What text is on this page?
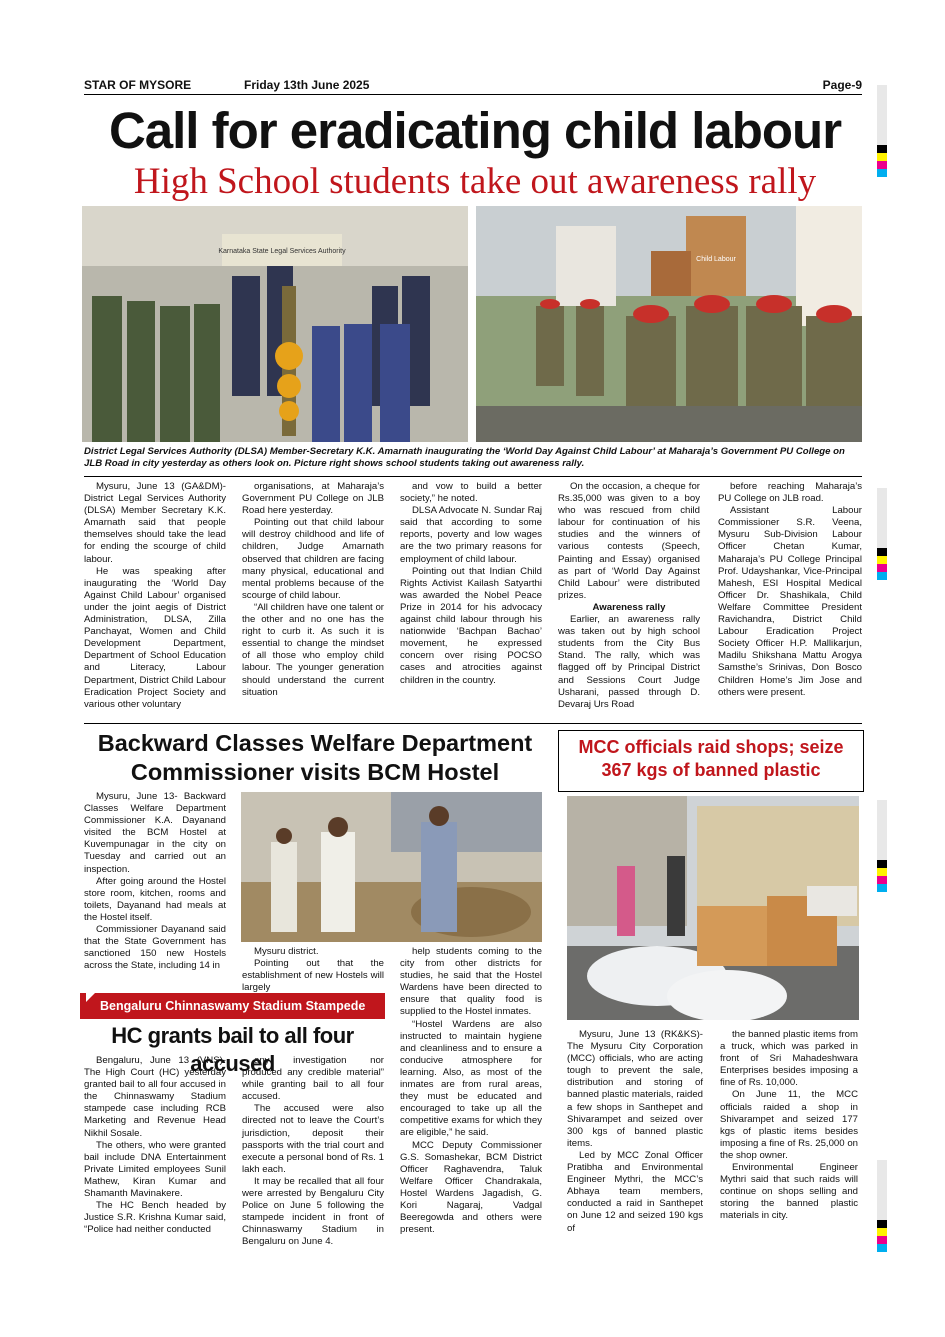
STAR OF MYSORE	Friday 13th June 2025	Page-9
Call for eradicating child labour
High School students take out awareness rally
Karnataka State Legal Services Authority
Child Labour
District Legal Services Authority (DLSA) Member-Secretary K.K. Amarnath inaugurating the ‘World Day Against Child Labour’ at Maharaja’s Government PU College on JLB Road in city yesterday as others look on. Picture right shows school students taking out awareness rally.

Mysuru, June 13 (GA&DM)- District Legal Services Authority (DLSA) Member Secretary K.K. Amarnath said that people themselves should take the lead for ending the scourge of child labour.

He was speaking after inaugurating the ‘World Day Against Child Labour’ organised under the joint aegis of District Administration, DLSA, Zilla Panchayat, Women and Child Development Department, Department of School Education and Literacy, Labour Department, District Child Labour Eradication Project Society and various other voluntary

organisations, at Maharaja’s Government PU College on JLB Road here yesterday.

Pointing out that child labour will destroy childhood and life of children, Judge Amarnath observed that children are facing many physical, educational and mental problems because of the scourge of child labour.

“All children have one talent or the other and no one has the right to curb it. As such it is essential to change the mindset of all those who employ child labour. The younger generation should understand the current situation

and vow to build a better society,” he noted.

DLSA Advocate N. Sundar Raj said that according to some reports, poverty and low wages are the two primary reasons for employment of child labour.

Pointing out that Indian Child Rights Activist Kailash Satyarthi was awarded the Nobel Peace Prize in 2014 for his advocacy against child labour through his nationwide ‘Bachpan Bachao’ movement, he expressed concern over rising POCSO cases and atrocities against children in the country.

On the occasion, a cheque for Rs.35,000 was given to a boy who was rescued from child labour for continuation of his studies and the winners of various contests (Speech, Painting and Essay) organised as part of ‘World Day Against Child Labour’ were distributed prizes.

Awareness rally

Earlier, an awareness rally was taken out by high school students from the City Bus Stand. The rally, which was flagged off by Principal District and Sessions Court Judge Usharani, passed through D. Devaraj Urs Road

before reaching Maharaja’s PU College on JLB road.

Assistant Labour Commissioner S.R. Veena, Mysuru Sub-Division Labour Officer Chetan Kumar, Maharaja’s PU College Principal Prof. Udayshankar, Vice-Principal Mahesh, ESI Hospital Medical Officer Dr. Shashikala, Child Welfare Committee President Ravichandra, District Child Labour Eradication Project Society Officer H.P. Mallikarjun, Madilu Shikshana Mattu Arogya Samsthe’s Srinivas, Don Bosco Children Home’s Jim Jose and others were present.

Backward Classes Welfare Department
Commissioner visits BCM Hostel

Mysuru, June 13- Backward Classes Welfare Department Commissioner K.A. Dayanand visited the BCM Hostel at Kuvempunagar in the city on Tuesday and carried out an inspection.

After going around the Hostel store room, kitchen, rooms and toilets, Dayanand had meals at the Hostel itself.

Commissioner Dayanand said that the State Government has sanctioned 150 new Hostels across the State, including 14 in

Mysuru district.

Pointing out that the establishment of new Hostels will largely

help students coming to the city from other districts for studies, he said that the Hostel Wardens have been directed to ensure that quality food is supplied to the Hostel inmates.

“Hostel Wardens are also instructed to maintain hygiene and cleanliness and to ensure a conducive atmosphere for learning. Also, as most of the inmates are from rural areas, they must be educated and encouraged to take up all the competitive exams for which they are eligible,” he said.

MCC Deputy Commissioner G.S. Somashekar, BCM District Officer Raghavendra, Taluk Welfare Officer Chandrakala, Hostel Wardens Jagadish, G. Kori Nagaraj, Vadgal Beeregowda and others were present.

Bengaluru Chinnaswamy Stadium Stampede
HC grants bail to all four accused

Bengaluru, June 13 (VNS)- The High Court (HC) yesterday granted bail to all four accused in the Chinnaswamy Stadium stampede case including RCB Marketing and Revenue Head Nikhil Sosale.

The others, who were granted bail include DNA Entertainment Private Limited employees Sunil Mathew, Kiran Kumar and Shamanth Mavinakere.

The HC Bench headed by Justice S.R. Krishna Kumar said, “Police had neither conducted

any investigation nor produced any credible material” while granting bail to all four accused.

The accused were also directed not to leave the Court’s jurisdiction, deposit their passports with the trial court and execute a personal bond of Rs. 1 lakh each.

It may be recalled that all four were arrested by Bengaluru City Police on June 5 following the stampede incident in front of Chinnaswamy Stadium in Bengaluru on June 4.

MCC officials raid shops; seize
367 kgs of banned plastic

Mysuru, June 13 (RK&KS)- The Mysuru City Corporation (MCC) officials, who are acting tough to prevent the sale, distribution and storing of banned plastic materials, raided a few shops in Santhepet and Shivarampet and seized over 300 kgs of banned plastic items.

Led by MCC Zonal Officer Pratibha and Environmental Engineer Mythri, the MCC’s Abhaya team members, conducted a raid in Santhepet on June 12 and seized 190 kgs of

the banned plastic items from a truck, which was parked in front of Sri Mahadeshwara Enterprises besides imposing a fine of Rs. 10,000.

On June 11, the MCC officials raided a shop in Shivarampet and seized 177 kgs of plastic items besides imposing a fine of Rs. 25,000 on the shop owner.

Environmental Engineer Mythri said that such raids will continue on shops selling and storing the banned plastic materials in city.
